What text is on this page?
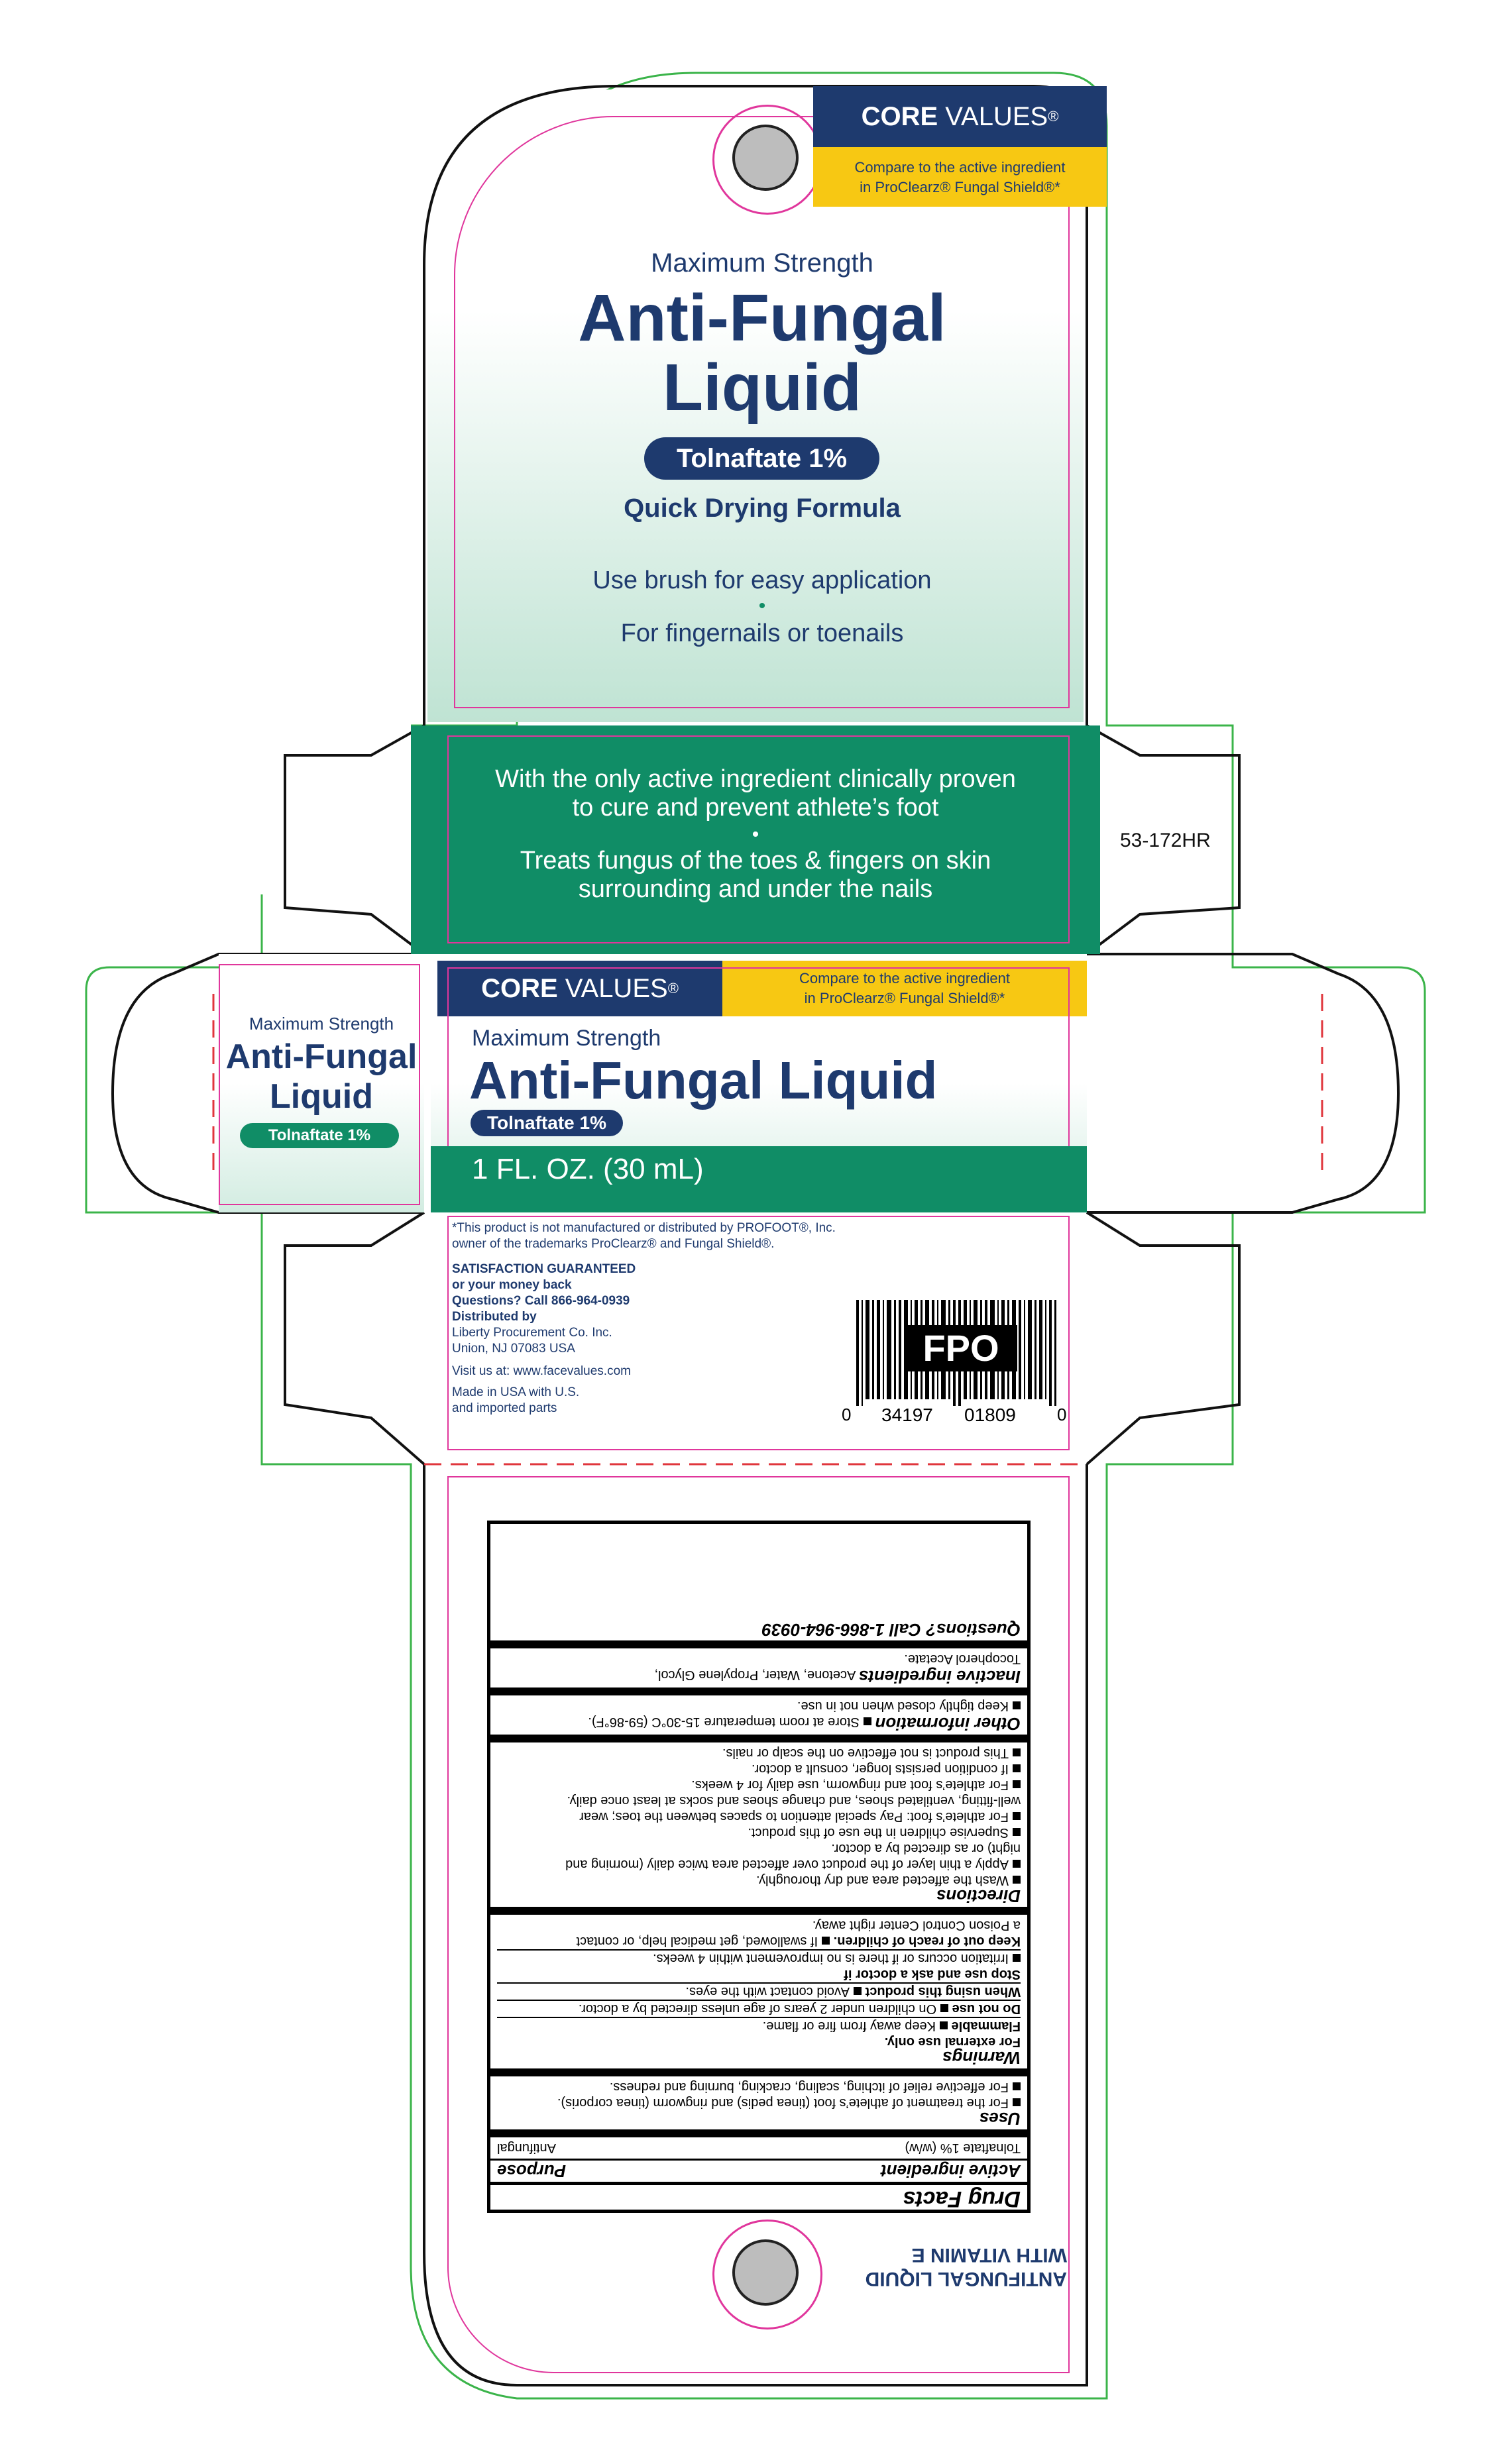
CORE
VALUES ®
Compare to the active ingredient
in ProClearz® Fungal Shield®*
Maximum Strength
Anti-Fungal
Liquid
Tolnaftate 1%
Quick Drying Formula
Use brush for easy application
•
For fingernails or toenails
With the only active ingredient clinically proven
to cure and prevent athlete’s foot
•
Treats fungus of the toes & fingers on skin
surrounding and under the nails
53-172HR
Maximum Strength
Anti-Fungal
Liquid
Tolnaftate 1%
CORE
VALUES ®
Compare to the active ingredient
in ProClearz® Fungal Shield®*
Maximum Strength
Anti-Fungal Liquid
Tolnaftate 1%
1 FL. OZ. (30 mL)
*This product is not manufactured or distributed by PROFOOT®, Inc.
owner of the trademarks ProClearz® and Fungal Shield®.
SATISFACTION GUARANTEED
or your money back
Questions? Call 866-964-0939
Distributed by
Liberty Procurement Co. Inc.
Union, NJ 07083 USA
Visit us at: www.facevalues.com
Made in USA with U.S.
and imported parts
FPO
0 34197 01809 0
Drug Facts
Active ingredient
Purpose
Tolnaftate 1% (w/w)
Antifungal
Uses
For the treatment of athlete’s foot (tinea pedis) and ringworm (tinea corporis).
For effective relief of itching, scaling, cracking, burning and redness.
Warnings
For external use only.
Flammable Keep away from fire or flame.
Do not use On children under 2 years of age unless directed by a doctor.
When using this product Avoid contact with the eyes.
Stop use and ask a doctor if
Irritation occurs or if there is no improvement within 4 weeks.
Keep out of reach of children. If swallowed, get medical help, or contact
a Poison Control Center right away.
Directions
Wash the affected area and dry thoroughly.
Apply a thin layer of the product over affected area twice daily (morning and
night) or as directed by a doctor.
Supervise children in the use of this product.
For athlete’s foot: Pay special attention to spaces between the toes; wear
well-fitting, ventilated shoes, and change shoes and socks at least once daily.
For athlete’s foot and ringworm, use daily for 4 weeks.
If condition persists longer, consult a doctor.
This product is not effective on the scalp or nails.
Other information Store at room temperature 15-30°C (59-86°F).
Keep tightly closed when not in use.
Inactive ingredients Acetone, Water, Propylene Glycol,
Tocopherol Acetate.
Questions? Call 1-866-964-0939
ANTIFUNGAL LIQUID
WITH VITAMIN E
